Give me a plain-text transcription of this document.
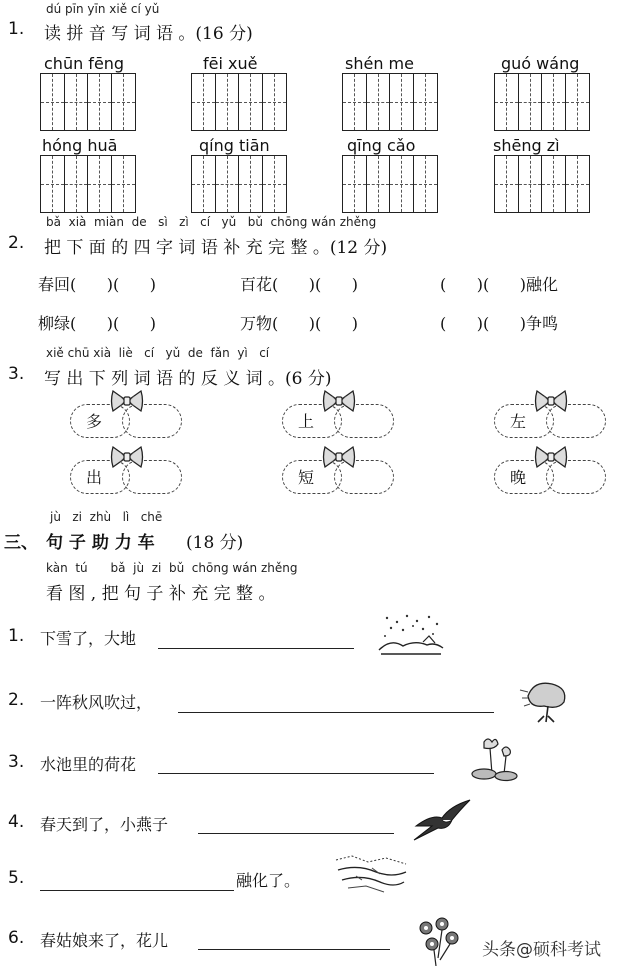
dú pīn yīn xiě cí yǔ
1. 读 拼 音 写 词 语 。(16 分)
chūn fēng	fēi xuě	shén me	guó wáng
hóng huā	qíng tiān	qīng cǎo	shēng zì
bǎ  xià  miàn  de   sì   zì   cí   yǔ   bǔ  chōng wán zhěng
2. 把 下 面 的 四 字 词 语 补 充 完 整 。(12 分)
春回(      )(      )	百花(      )(      )	(      )(      )融化
柳绿(      )(      )	万物(      )(      )	(      )(      )争鸣
xiě chū xià  liè   cí   yǔ  de  fǎn  yì   cí
3. 写 出 下 列 词 语 的 反 义 词 。(6 分)
多	上	左
出	短	晚
jù   zi  zhù   lì   chē
三、 句 子 助 力 车 (18 分)
kàn  tú      bǎ  jù  zi  bǔ  chōng wán zhěng
看 图 , 把 句 子 补 充 完 整 。
1. 下雪了，大地
2. 一阵秋风吹过，
3. 水池里的荷花
4. 春天到了，小燕子
5.	融化了。
6. 春姑娘来了，花儿	头条@硕科考试
